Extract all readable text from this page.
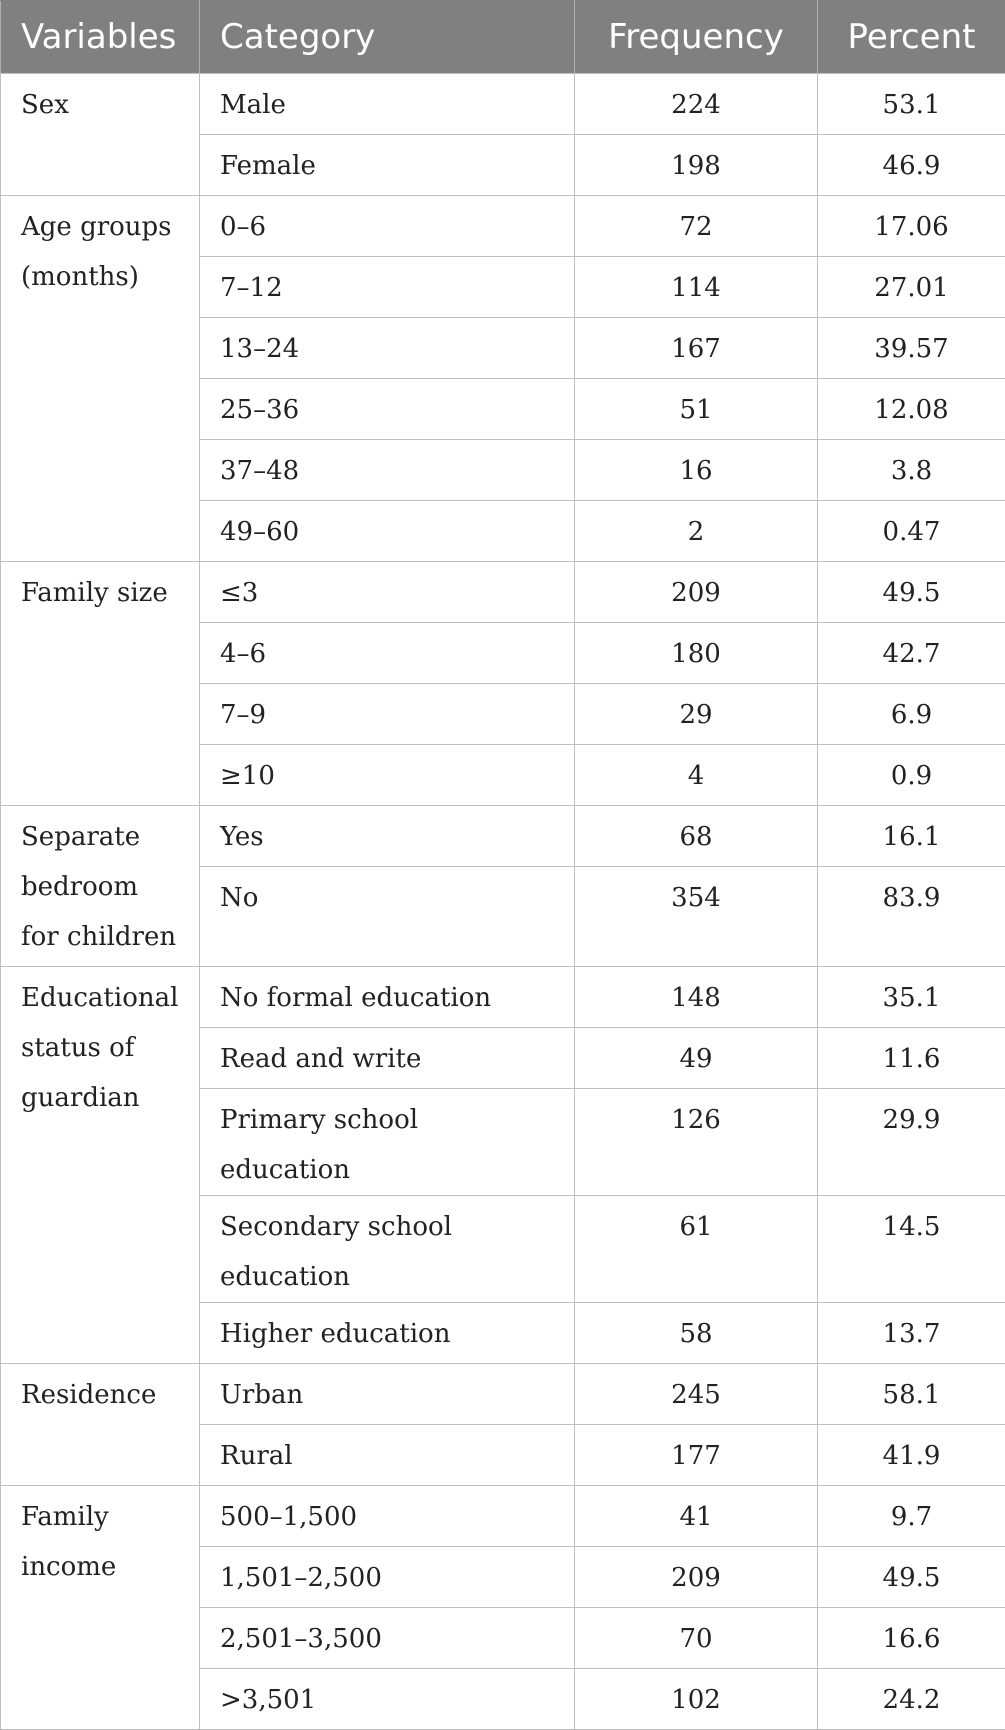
Variables	Category	Frequency	Percent
Sex	Male	224	53.1
	Female	198	46.9
Age groups (months)	0–6	72	17.06
	7–12	114	27.01
	13–24	167	39.57
	25–36	51	12.08
	37–48	16	3.8
	49–60	2	0.47
Family size	≤3	209	49.5
	4–6	180	42.7
	7–9	29	6.9
	≥10	4	0.9
Separate bedroom for children	Yes	68	16.1
	No	354	83.9
Educational status of guardian	No formal education	148	35.1
	Read and write	49	11.6
	Primary school education	126	29.9
	Secondary school education	61	14.5
	Higher education	58	13.7
Residence	Urban	245	58.1
	Rural	177	41.9
Family income	500–1,500	41	9.7
	1,501–2,500	209	49.5
	2,501–3,500	70	16.6
	>3,501	102	24.2
